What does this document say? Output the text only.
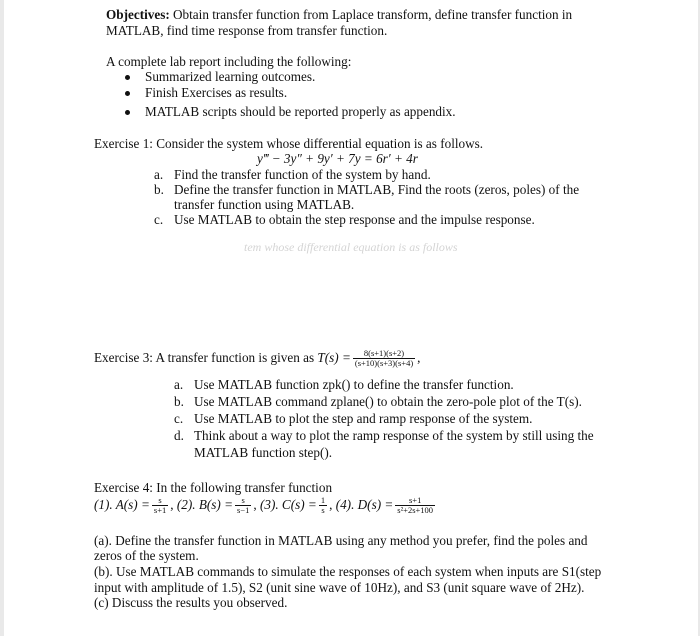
Objectives: Obtain transfer function from Laplace transform, define transfer function in
MATLAB, find time response from transfer function.
A complete lab report including the following:
Summarized learning outcomes.
Finish Exercises as results.
MATLAB scripts should be reported properly as appendix.
Exercise 1: Consider the system whose differential equation is as follows.
y‴ − 3y″ + 9y′ + 7y = 6r′ + 4r
a. Find the transfer function of the system by hand.
b. Define the transfer function in MATLAB, Find the roots (zeros, poles) of the
transfer function using MATLAB.
c. Use MATLAB to obtain the step response and the impulse response.
tem whose differential equation is as follows
Exercise 3: A transfer function is given as $T(s) = \frac{8(s+1)(s+2)}{(s+10)(s+3)(s+4)}$ ,
a. Use MATLAB function zpk() to define the transfer function.
b. Use MATLAB command zplane() to obtain the zero-pole plot of the T(s).
c. Use MATLAB to plot the step and ramp response of the system.
d. Think about a way to plot the ramp response of the system by still using the
MATLAB function step().
Exercise 4: In the following transfer function
(1). $A(s) = \frac{s}{s+1}$ , (2). $B(s) = \frac{s}{s-1}$ , (3). $C(s) = \frac{1}{s}$ , (4). $D(s) = \frac{s+1}{\text{s²+2s+100}}$
(a). Define the transfer function in MATLAB using any method you prefer, find the poles and
zeros of the system.
(b). Use MATLAB commands to simulate the responses of each system when inputs are S1(step
input with amplitude of 1.5), S2 (unit sine wave of 10Hz), and S3 (unit square wave of 2Hz).
(c) Discuss the results you observed.
